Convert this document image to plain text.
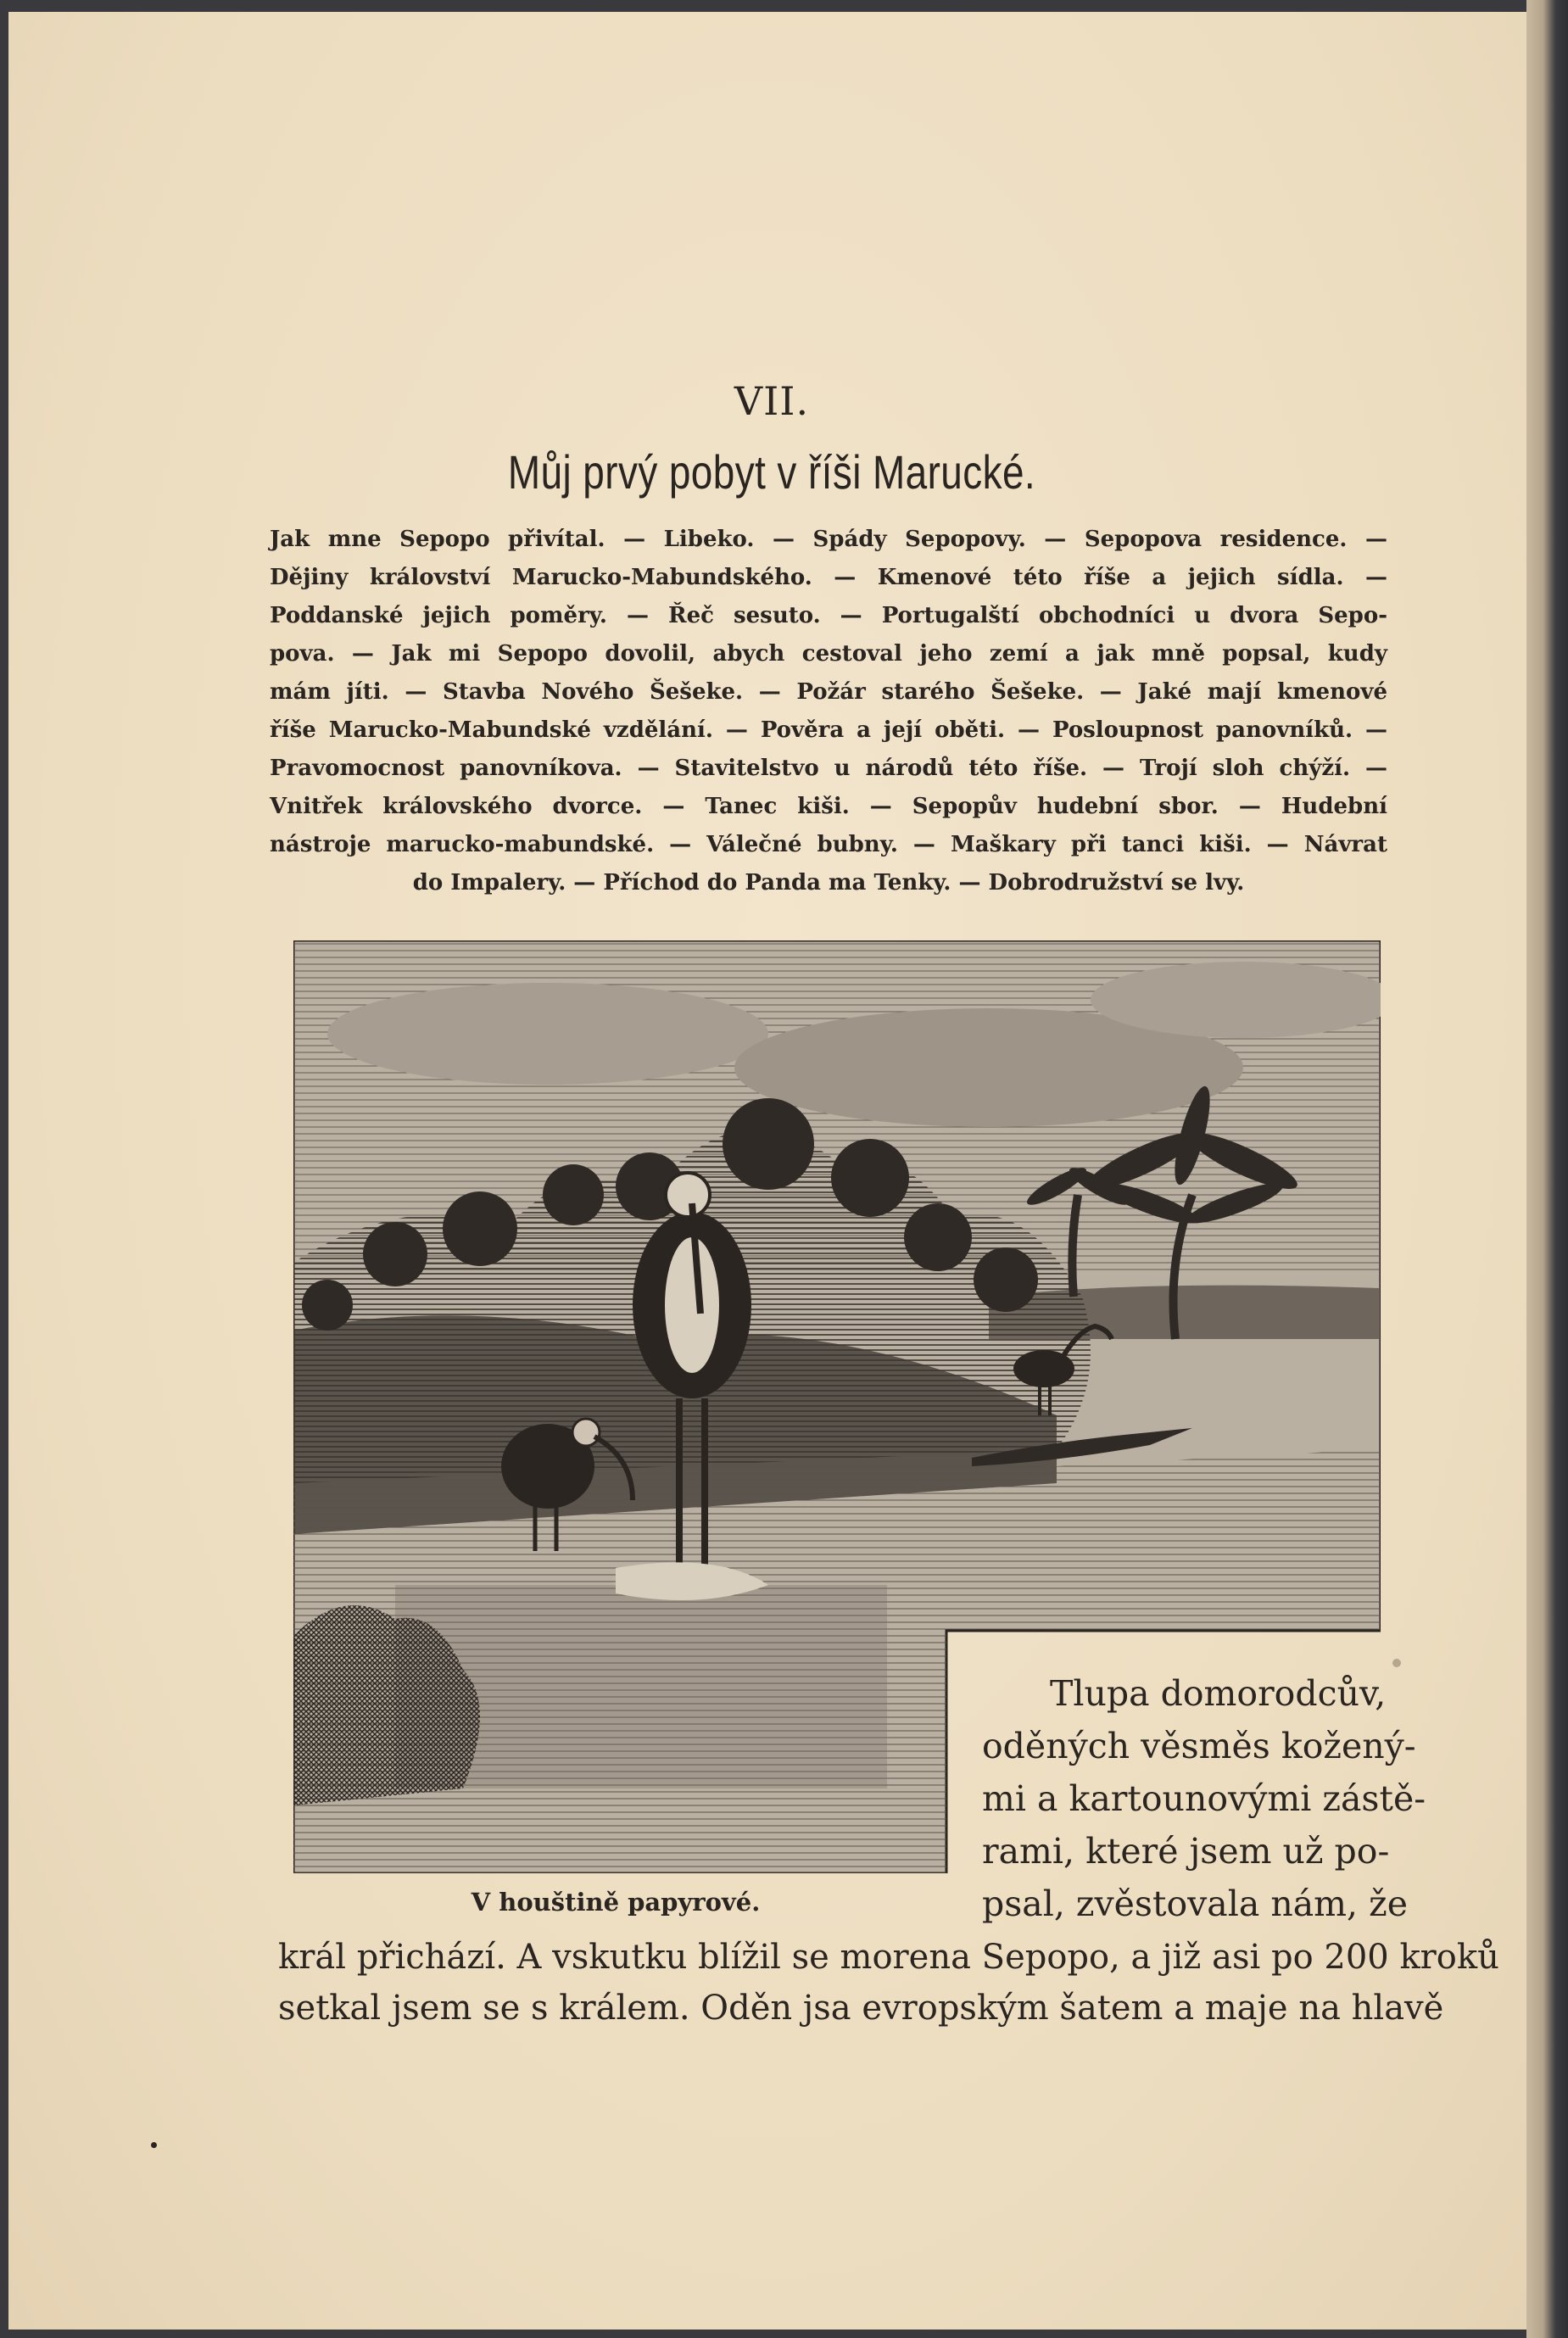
VII.
Můj prvý pobyt v říši Marucké.
Jak mne Sepopo přivítal. — Libeko. — Spády Sepopovy. — Sepopova residence. —
Dějiny království Marucko-Mabundského. — Kmenové této říše a jejich sídla. —
Poddanské jejich poměry. — Řeč sesuto. — Portugalští obchodníci u dvora Sepo-
pova. — Jak mi Sepopo dovolil, abych cestoval jeho zemí a jak mně popsal, kudy
mám jíti. — Stavba Nového Šešeke. — Požár starého Šešeke. — Jaké mají kmenové
říše Marucko-Mabundské vzdělání. — Pověra a její oběti. — Posloupnost panovníků. —
Pravomocnost panovníkova. — Stavitelstvo u národů této říše. — Trojí sloh chýží. —
Vnitřek královského dvorce. — Tanec kiši. — Sepopův hudební sbor. — Hudební
nástroje marucko-mabundské. — Válečné bubny. — Maškary při tanci kiši. — Návrat
do Impalery. — Příchod do Panda ma Tenky. — Dobrodružství se lvy.
V houštině papyrové.
Tlupa domorodcův,
oděných věsměs kožený-
mi a kartounovými zástě-
rami, které jsem už po-
psal, zvěstovala nám, že
král přichází. A vskutku blížil se morena Sepopo, a již asi po 200 kroků
setkal jsem se s králem. Oděn jsa evropským šatem a maje na hlavě
